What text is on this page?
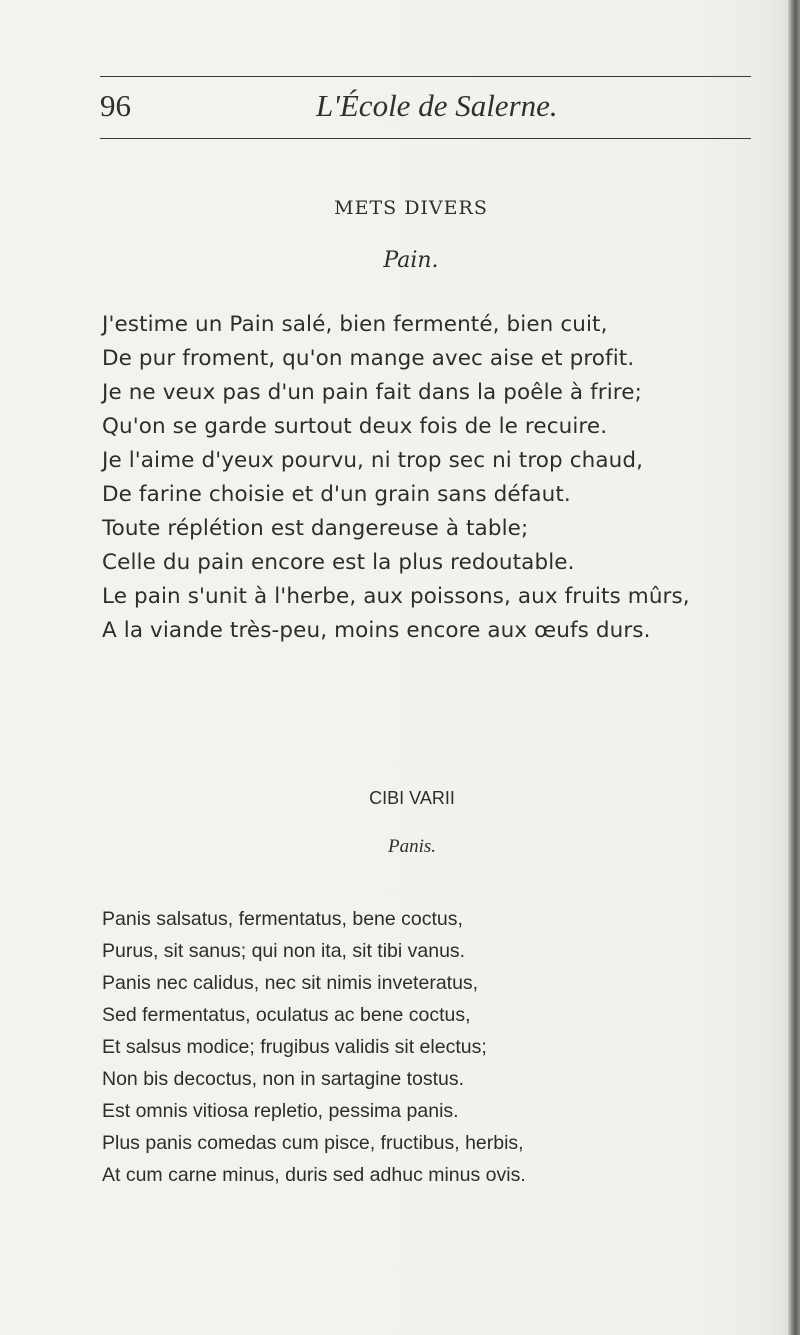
96	L'École de Salerne.
METS DIVERS
Pain.
J'estime un Pain salé, bien fermenté, bien cuit,
De pur froment, qu'on mange avec aise et profit.
Je ne veux pas d'un pain fait dans la poêle à frire;
Qu'on se garde surtout deux fois de le recuire.
Je l'aime d'yeux pourvu, ni trop sec ni trop chaud,
De farine choisie et d'un grain sans défaut.
Toute réplétion est dangereuse à table;
Celle du pain encore est la plus redoutable.
Le pain s'unit à l'herbe, aux poissons, aux fruits mûrs,
A la viande très-peu, moins encore aux œufs durs.
CIBI VARII
Panis.
Panis salsatus, fermentatus, bene coctus,
Purus, sit sanus; qui non ita, sit tibi vanus.
Panis nec calidus, nec sit nimis inveteratus,
Sed fermentatus, oculatus ac bene coctus,
Et salsus modice; frugibus validis sit electus;
Non bis decoctus, non in sartagine tostus.
Est omnis vitiosa repletio, pessima panis.
Plus panis comedas cum pisce, fructibus, herbis,
At cum carne minus, duris sed adhuc minus ovis.
